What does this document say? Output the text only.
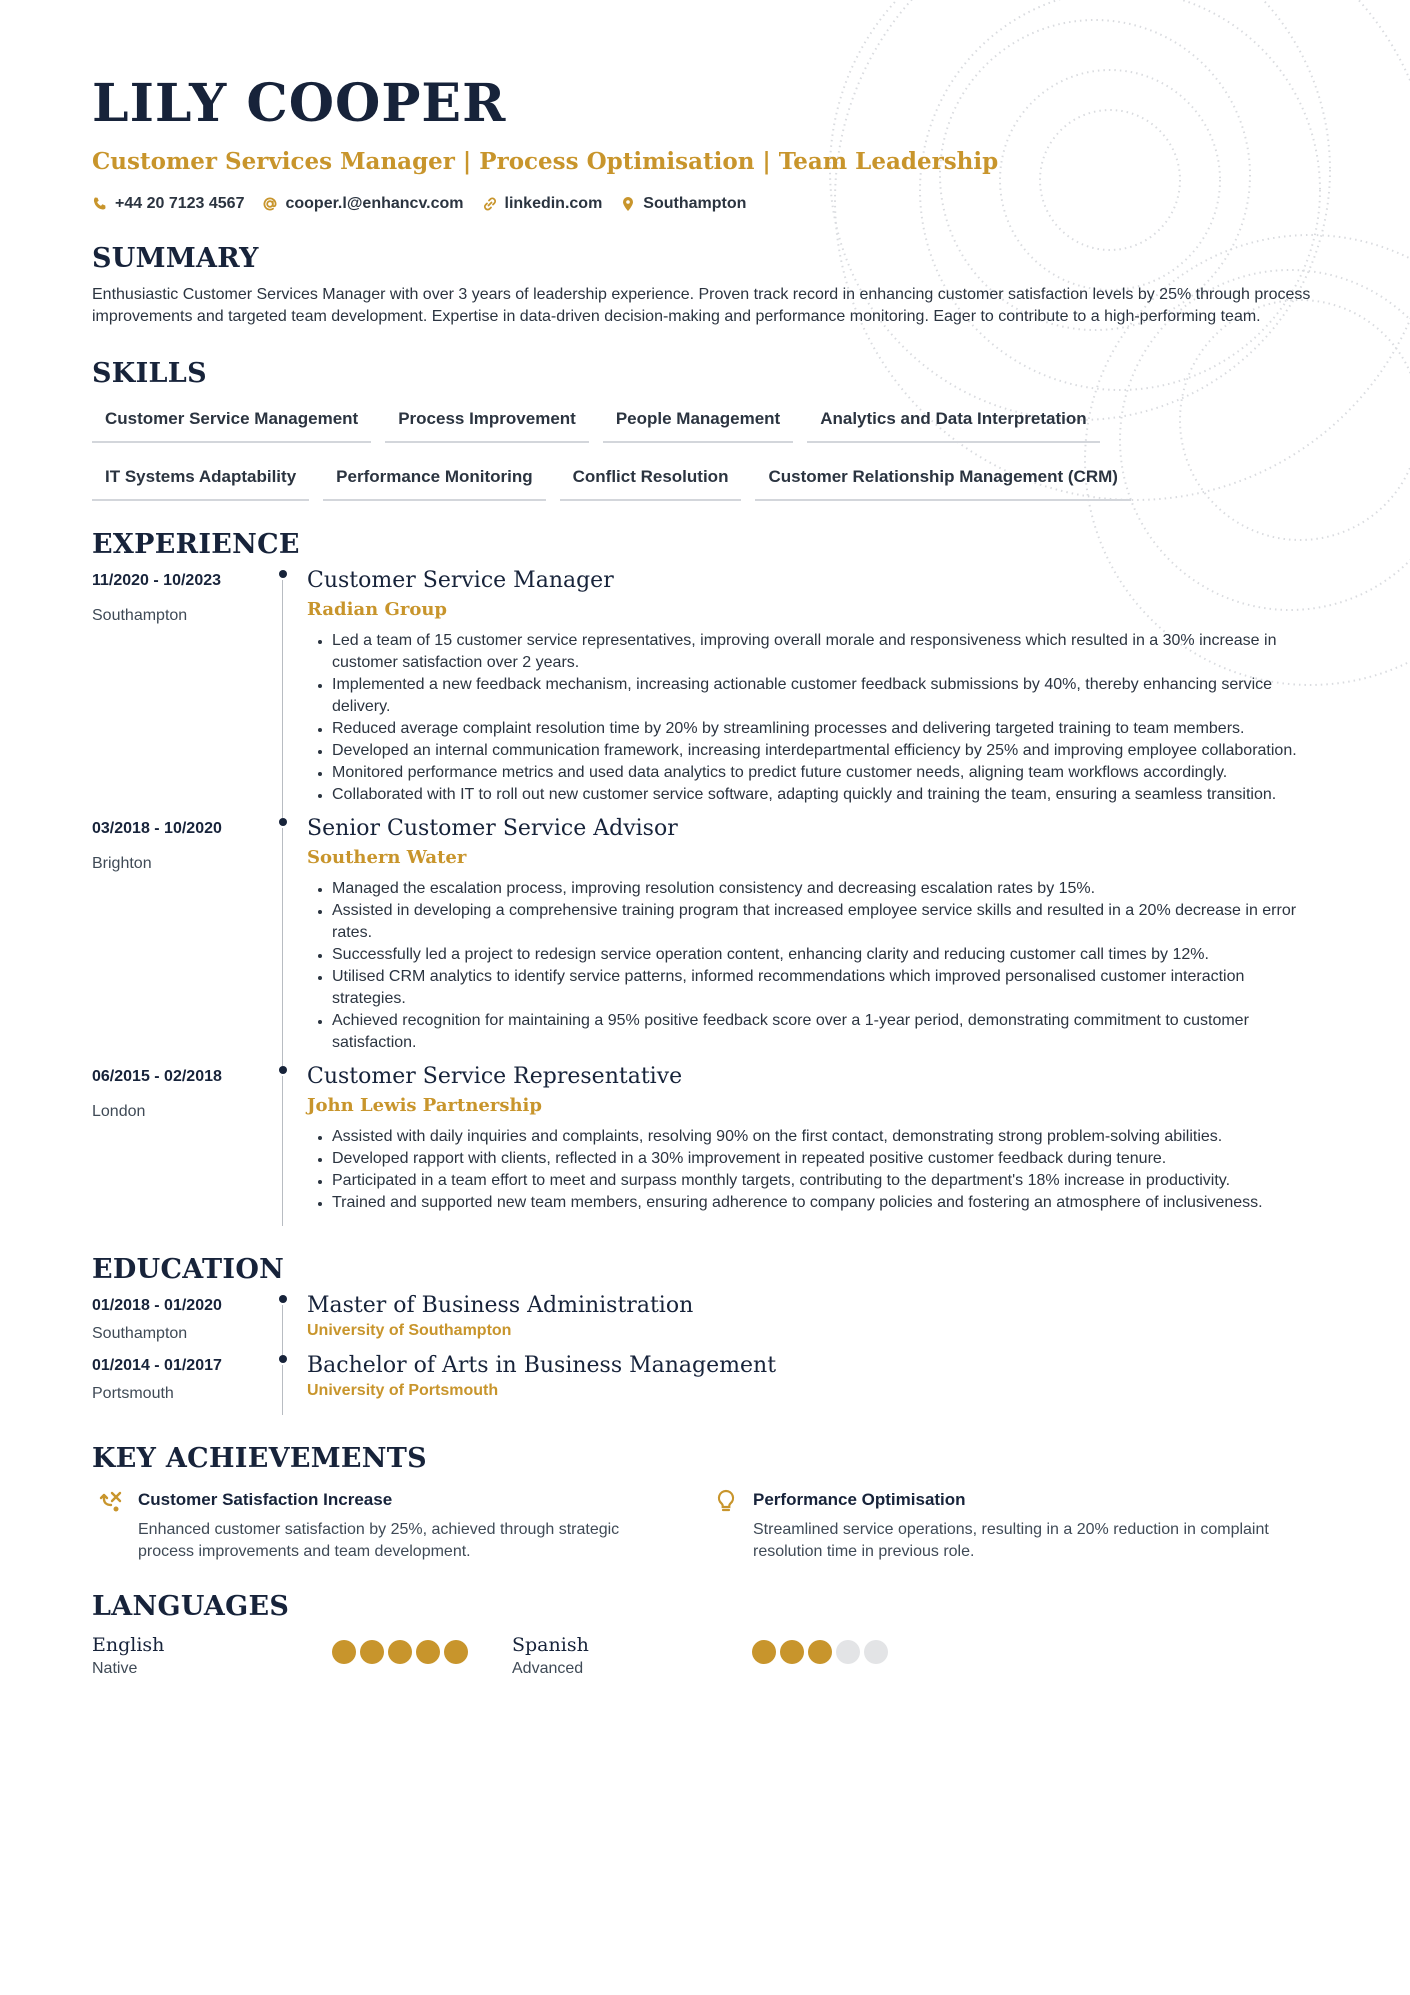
LILY COOPER
Customer Services Manager | Process Optimisation | Team Leadership
+44 20 7123 4567	cooper.l@enhancv.com	linkedin.com	Southampton
SUMMARY

Enthusiastic Customer Services Manager with over 3 years of leadership experience. Proven track record in enhancing customer satisfaction levels by 25% through process improvements and targeted team development. Expertise in data-driven decision-making and performance monitoring. Eager to contribute to a high-performing team.

SKILLS
Customer Service Management	Process Improvement	People Management	Analytics and Data Interpretation
IT Systems Adaptability	Performance Monitoring	Conflict Resolution	Customer Relationship Management (CRM)
EXPERIENCE
11/2020 - 10/2023
Southampton
Customer Service Manager
Radian Group
• Led a team of 15 customer service representatives, improving overall morale and responsiveness which resulted in a 30% increase in customer satisfaction over 2 years.
• Implemented a new feedback mechanism, increasing actionable customer feedback submissions by 40%, thereby enhancing service delivery.
• Reduced average complaint resolution time by 20% by streamlining processes and delivering targeted training to team members.
• Developed an internal communication framework, increasing interdepartmental efficiency by 25% and improving employee collaboration.
• Monitored performance metrics and used data analytics to predict future customer needs, aligning team workflows accordingly.
• Collaborated with IT to roll out new customer service software, adapting quickly and training the team, ensuring a seamless transition.
03/2018 - 10/2020
Brighton
Senior Customer Service Advisor
Southern Water
• Managed the escalation process, improving resolution consistency and decreasing escalation rates by 15%.
• Assisted in developing a comprehensive training program that increased employee service skills and resulted in a 20% decrease in error rates.
• Successfully led a project to redesign service operation content, enhancing clarity and reducing customer call times by 12%.
• Utilised CRM analytics to identify service patterns, informed recommendations which improved personalised customer interaction strategies.
• Achieved recognition for maintaining a 95% positive feedback score over a 1-year period, demonstrating commitment to customer satisfaction.
06/2015 - 02/2018
London
Customer Service Representative
John Lewis Partnership
• Assisted with daily inquiries and complaints, resolving 90% on the first contact, demonstrating strong problem-solving abilities.
• Developed rapport with clients, reflected in a 30% improvement in repeated positive customer feedback during tenure.
• Participated in a team effort to meet and surpass monthly targets, contributing to the department's 18% increase in productivity.
• Trained and supported new team members, ensuring adherence to company policies and fostering an atmosphere of inclusiveness.
EDUCATION
01/2018 - 01/2020
Southampton
Master of Business Administration
University of Southampton
01/2014 - 01/2017
Portsmouth
Bachelor of Arts in Business Management
University of Portsmouth
KEY ACHIEVEMENTS
Customer Satisfaction Increase
Enhanced customer satisfaction by 25%, achieved through strategic process improvements and team development.
Performance Optimisation
Streamlined service operations, resulting in a 20% reduction in complaint resolution time in previous role.
LANGUAGES
English
Native
Spanish
Advanced
